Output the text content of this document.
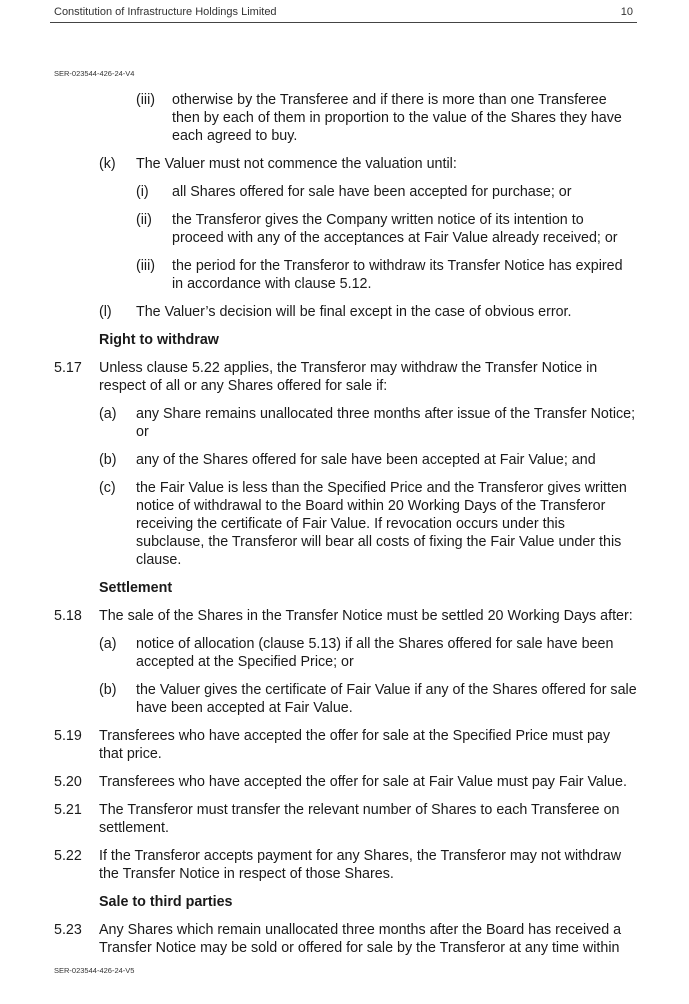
Constitution of Infrastructure Holdings Limited	10
SER-023544-426-24-V4
(iii) otherwise by the Transferee and if there is more than one Transferee then by each of them in proportion to the value of the Shares they have each agreed to buy.
(k) The Valuer must not commence the valuation until:
(i) all Shares offered for sale have been accepted for purchase; or
(ii) the Transferor gives the Company written notice of its intention to proceed with any of the acceptances at Fair Value already received; or
(iii) the period for the Transferor to withdraw its Transfer Notice has expired in accordance with clause 5.12.
(l) The Valuer’s decision will be final except in the case of obvious error.
Right to withdraw
5.17 Unless clause 5.22 applies, the Transferor may withdraw the Transfer Notice in respect of all or any Shares offered for sale if:
(a) any Share remains unallocated three months after issue of the Transfer Notice; or
(b) any of the Shares offered for sale have been accepted at Fair Value; and
(c) the Fair Value is less than the Specified Price and the Transferor gives written notice of withdrawal to the Board within 20 Working Days of the Transferor receiving the certificate of Fair Value. If revocation occurs under this subclause, the Transferor will bear all costs of fixing the Fair Value under this clause.
Settlement
5.18 The sale of the Shares in the Transfer Notice must be settled 20 Working Days after:
(a) notice of allocation (clause 5.13) if all the Shares offered for sale have been accepted at the Specified Price; or
(b) the Valuer gives the certificate of Fair Value if any of the Shares offered for sale have been accepted at Fair Value.
5.19 Transferees who have accepted the offer for sale at the Specified Price must pay that price.
5.20 Transferees who have accepted the offer for sale at Fair Value must pay Fair Value.
5.21 The Transferor must transfer the relevant number of Shares to each Transferee on settlement.
5.22 If the Transferor accepts payment for any Shares, the Transferor may not withdraw the Transfer Notice in respect of those Shares.
Sale to third parties
5.23 Any Shares which remain unallocated three months after the Board has received a Transfer Notice may be sold or offered for sale by the Transferor at any time within
SER-023544-426-24-V5
